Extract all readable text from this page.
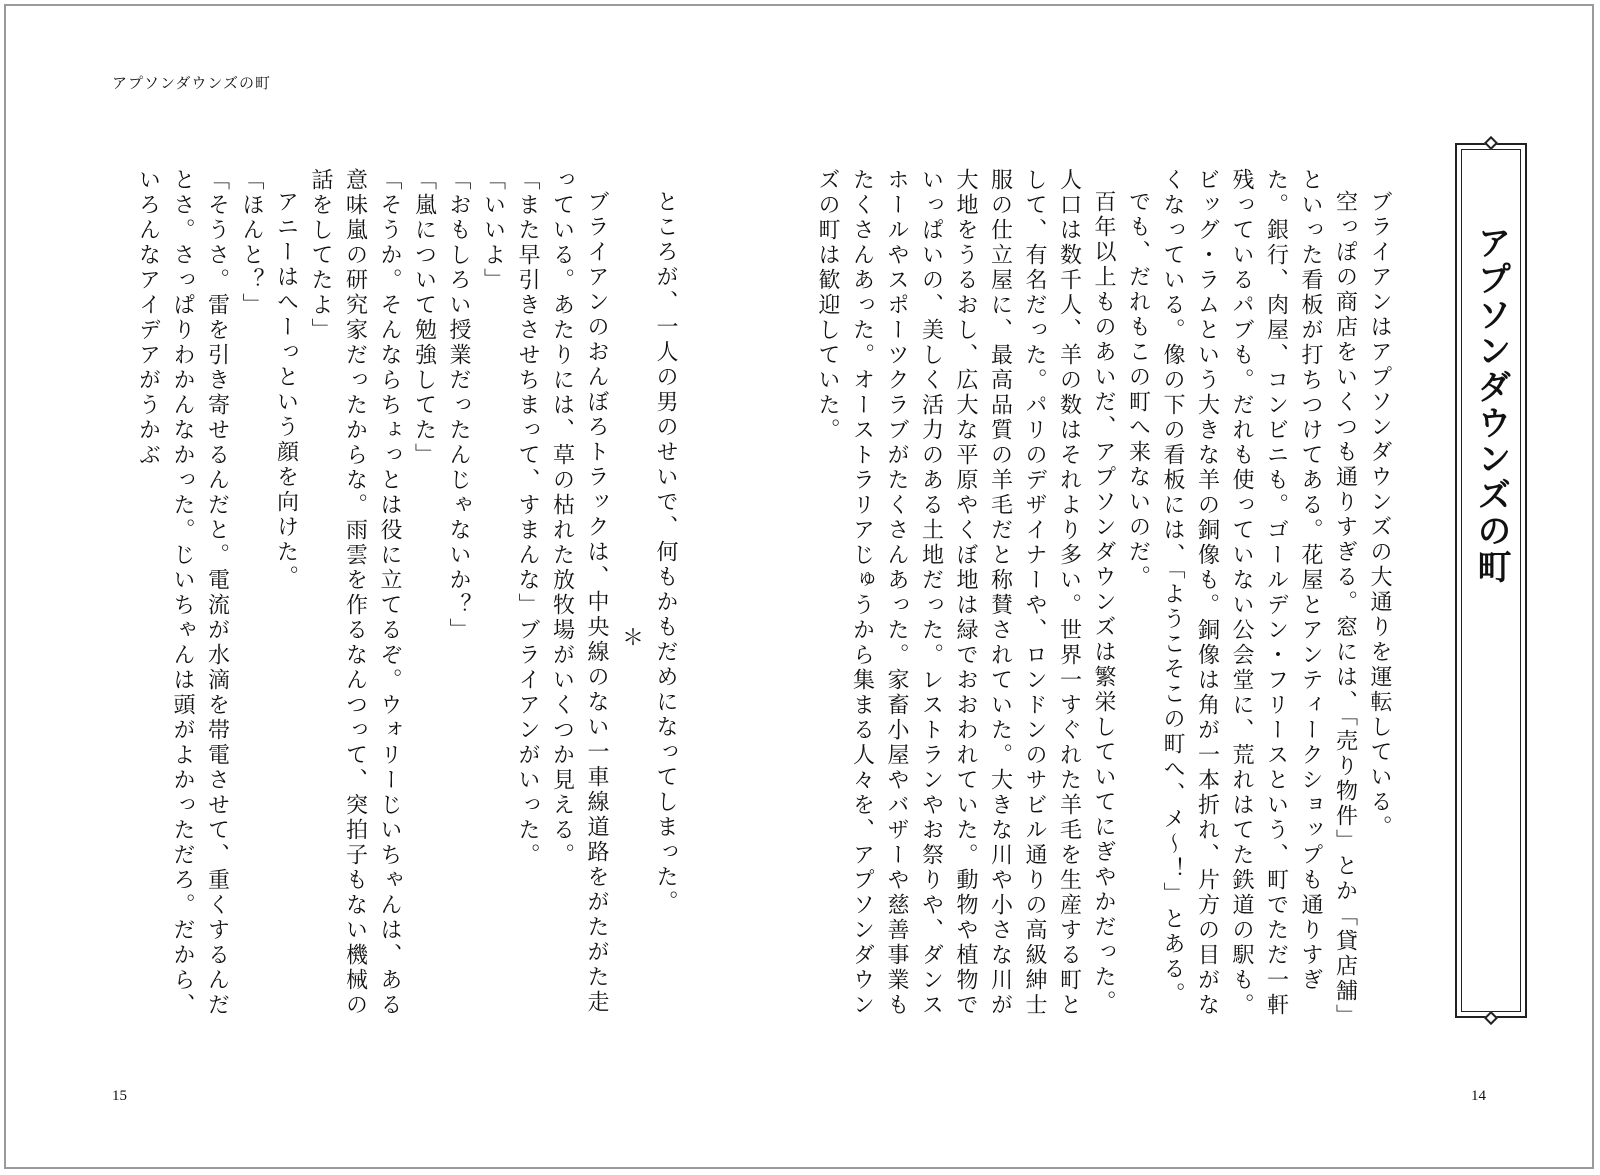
アプソンダウンズの町
アプソンダウンズの町

ブライアンはアプソンダウンズの大通りを運転している。

空っぽの商店をいくつも通りすぎる。窓には、「売り物件」とか「貸店舗」といった看板が打ちつけてある。花屋とアンティークショップも通りすぎた。銀行、肉屋、コンビニも。ゴールデン・フリースという、町でただ一軒残っているパブも。だれも使っていない公会堂に、荒れはてた鉄道の駅も。ビッグ・ラムという大きな羊の銅像も。銅像は角が一本折れ、片方の目がなくなっている。像の下の看板には、「ようこそこの町へ、メ～！」とある。

でも、だれもこの町へ来ないのだ。

百年以上ものあいだ、アプソンダウンズは繁栄していてにぎやかだった。人口は数千人、羊の数はそれより多い。世界一すぐれた羊毛を生産する町として、有名だった。パリのデザイナーや、ロンドンのサビル通りの高級紳士服の仕立屋に、最高品質の羊毛だと称賛されていた。大きな川や小さな川が大地をうるおし、広大な平原やくぼ地は緑でおおわれていた。動物や植物でいっぱいの、美しく活力のある土地だった。レストランやお祭りや、ダンスホールやスポーツクラブがたくさんあった。家畜小屋やバザーや慈善事業もたくさんあった。オーストラリアじゅうから集まる人々を、アプソンダウンズの町は歓迎していた。

ところが、一人の男のせいで、何もかもだめになってしまった。

＊

ブライアンのおんぼろトラックは、中央線のない一車線道路をがたがた走っている。あたりには、草の枯れた放牧場がいくつか見える。

「また早引きさせちまって、すまんな」ブライアンがいった。

「いいよ」

「おもしろい授業だったんじゃないか？」

「嵐について勉強してた」

「そうか。そんならちょっとは役に立てるぞ。ウォリーじいちゃんは、ある意味嵐の研究家だったからな。雨雲を作るなんつって、突拍子もない機械の話をしてたよ」

アニーはへーっという顔を向けた。

「ほんと？」

「そうさ。雷を引き寄せるんだと。電流が水滴を帯電させて、重くするんだとさ。さっぱりわかんなかった。じいちゃんは頭がよかっただろ。だから、いろんなアイデアがうかぶ

15	14
